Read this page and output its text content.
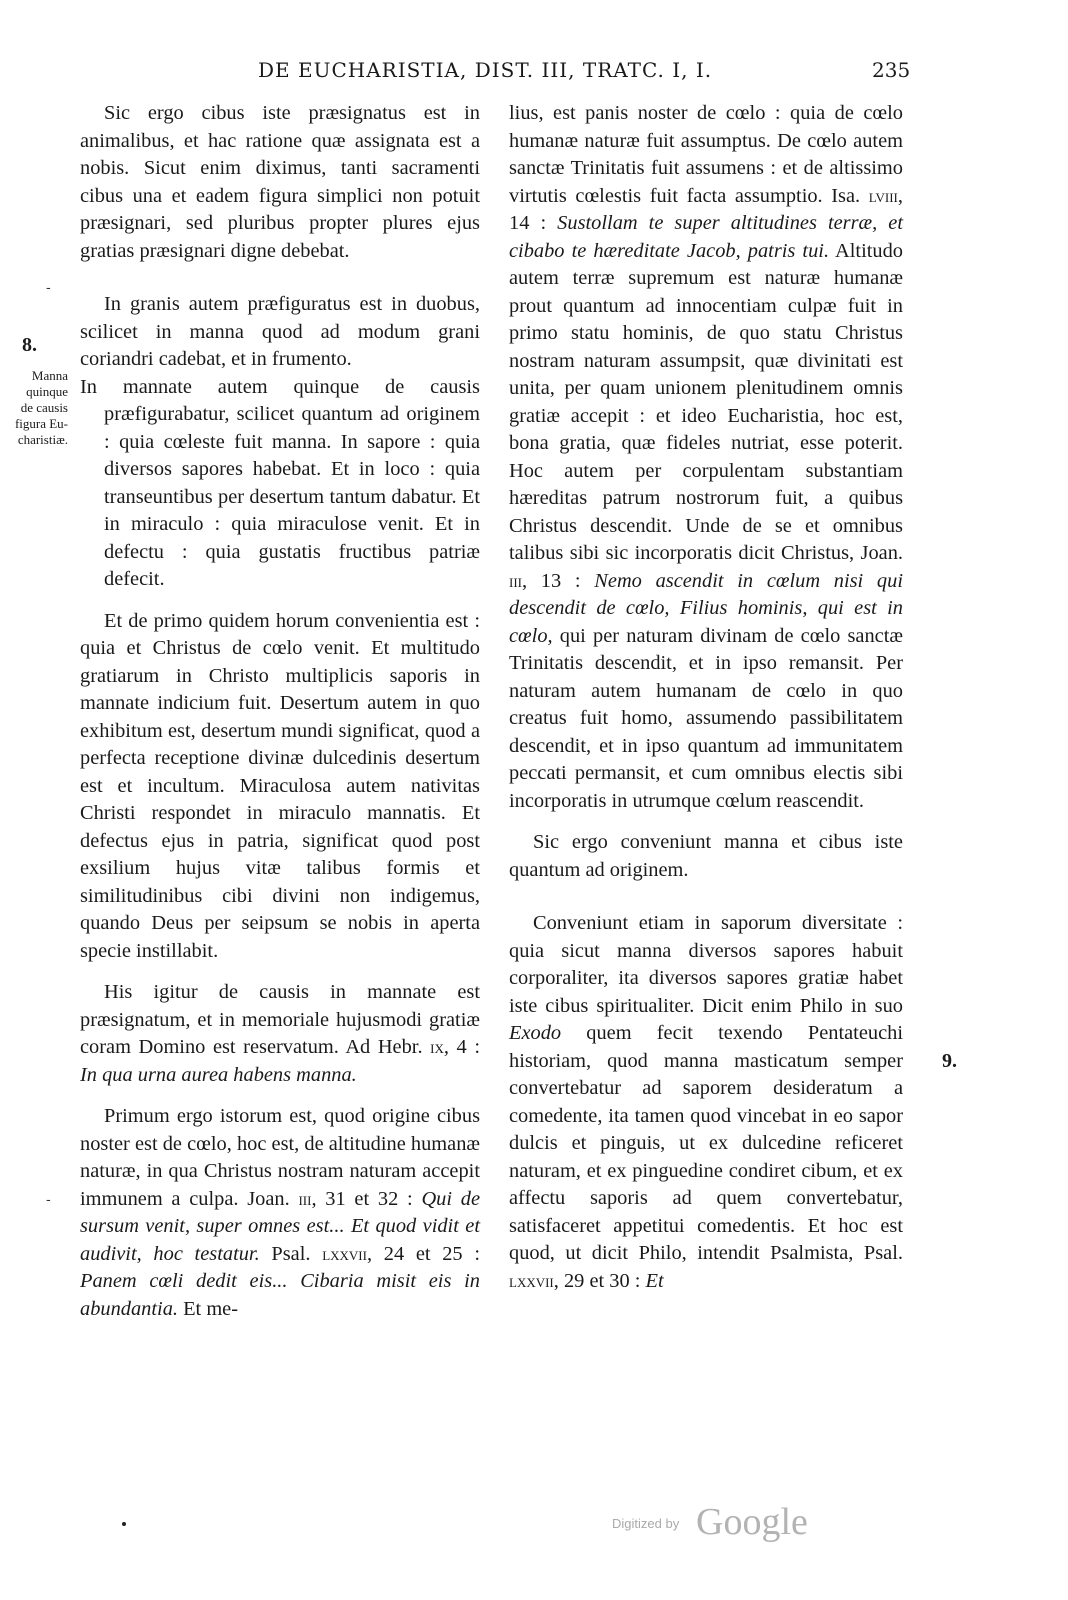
DE EUCHARISTIA, DIST. III, TRATC. I, I.	235
8.
Manna
quinque
de causis
figura Eu-
charistiæ.
9.
-
-

Sic ergo cibus iste præsignatus est in animalibus, et hac ratione quæ assignata est a nobis. Sicut enim diximus, tanti sacramenti cibus una et eadem figura simplici non potuit præsignari, sed pluribus propter plures ejus gratias præsignari digne debebat.

In granis autem præfiguratus est in duobus, scilicet in manna quod ad modum grani coriandri cadebat, et in frumento.

In mannate autem quinque de causis præfigurabatur, scilicet quantum ad originem : quia cœleste fuit manna. In sapore : quia diversos sapores habebat. Et in loco : quia transeuntibus per desertum tantum dabatur. Et in miraculo : quia miraculose venit. Et in defectu : quia gustatis fructibus patriæ defecit.

Et de primo quidem horum convenientia est : quia et Christus de cœlo venit. Et multitudo gratiarum in Christo multiplicis saporis in mannate indicium fuit. Desertum autem in quo exhibitum est, desertum mundi significat, quod a perfecta receptione divinæ dulcedinis desertum est et incultum. Miraculosa autem nativitas Christi respondet in miraculo mannatis. Et defectus ejus in patria, significat quod post exsilium hujus vitæ talibus formis et similitudinibus cibi divini non indigemus, quando Deus per seipsum se nobis in aperta specie instillabit.

His igitur de causis in mannate est præsignatum, et in memoriale hujusmodi gratiæ coram Domino est reservatum. Ad Hebr. ix, 4 : In qua urna aurea habens manna.

Primum ergo istorum est, quod origine cibus noster est de cœlo, hoc est, de altitudine humanæ naturæ, in qua Christus nostram naturam accepit immunem a culpa. Joan. iii, 31 et 32 : Qui de sursum venit, super omnes est... Et quod vidit et audivit, hoc testatur. Psal. lxxvii, 24 et 25 : Panem cœli dedit eis... Cibaria misit eis in abundantia. Et me-

lius, est panis noster de cœlo : quia de cœlo humanæ naturæ fuit assumptus. De cœlo autem sanctæ Trinitatis fuit assumens : et de altissimo virtutis cœlestis fuit facta assumptio. Isa. lviii, 14 : Sustollam te super altitudines terræ, et cibabo te hæreditate Jacob, patris tui. Altitudo autem terræ supremum est naturæ humanæ prout quantum ad innocentiam culpæ fuit in primo statu hominis, de quo statu Christus nostram naturam assumpsit, quæ divinitati est unita, per quam unionem plenitudinem omnis gratiæ accepit : et ideo Eucharistia, hoc est, bona gratia, quæ fideles nutriat, esse poterit. Hoc autem per corpulentam substantiam hæreditas patrum nostrorum fuit, a quibus Christus descendit. Unde de se et omnibus talibus sibi sic incorporatis dicit Christus, Joan. iii, 13 : Nemo ascendit in cœlum nisi qui descendit de cœlo, Filius hominis, qui est in cœlo, qui per naturam divinam de cœlo sanctæ Trinitatis descendit, et in ipso remansit. Per naturam autem humanam de cœlo in quo creatus fuit homo, assumendo passibilitatem descendit, et in ipso quantum ad immunitatem peccati permansit, et cum omnibus electis sibi incorporatis in utrumque cœlum reascendit.

Sic ergo conveniunt manna et cibus iste quantum ad originem.

Conveniunt etiam in saporum diversitate : quia sicut manna diversos sapores habuit corporaliter, ita diversos sapores gratiæ habet iste cibus spiritualiter. Dicit enim Philo in suo Exodo quem fecit texendo Pentateuchi historiam, quod manna masticatum semper convertebatur ad saporem desideratum a comedente, ita tamen quod vincebat in eo sapor dulcis et pinguis, ut ex dulcedine reficeret naturam, et ex pinguedine condiret cibum, et ex affectu saporis ad quem convertebatur, satisfaceret appetitui comedentis. Et hoc est quod, ut dicit Philo, intendit Psalmista, Psal. lxxvii, 29 et 30 : Et

Digitized by Google
